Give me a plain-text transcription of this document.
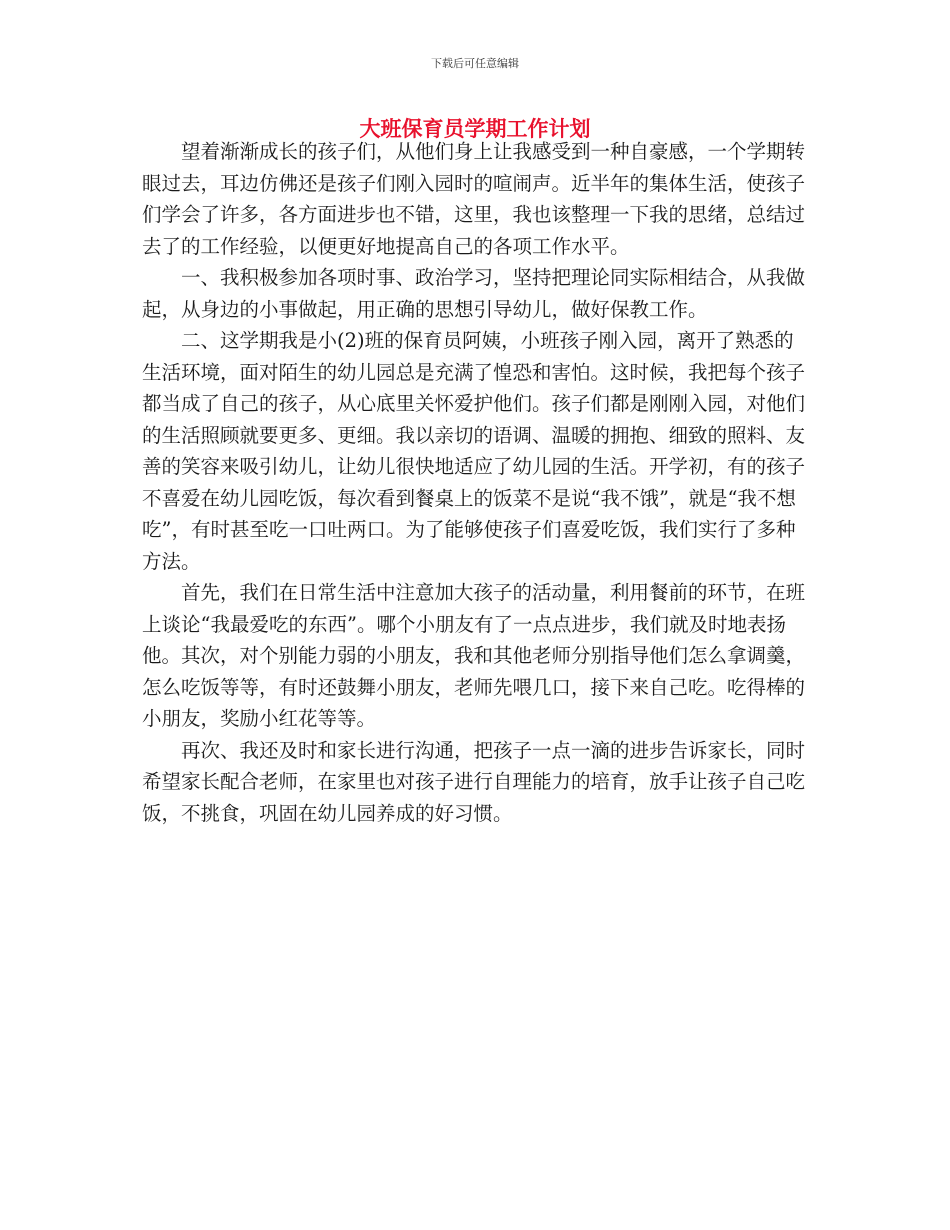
下载后可任意编辑
大班保育员学期工作计划

望着渐渐成长的孩子们，从他们身上让我感受到一种自豪感，一个学期转眼过去，耳边仿佛还是孩子们刚入园时的喧闹声。近半年的集体生活，使孩子们学会了许多，各方面进步也不错，这里，我也该整理一下我的思绪，总结过去了的工作经验，以便更好地提高自己的各项工作水平。

一、我积极参加各项时事、政治学习，坚持把理论同实际相结合，从我做起，从身边的小事做起，用正确的思想引导幼儿，做好保教工作。

二、这学期我是小(2)班的保育员阿姨，小班孩子刚入园，离开了熟悉的生活环境，面对陌生的幼儿园总是充满了惶恐和害怕。这时候，我把每个孩子都当成了自己的孩子，从心底里关怀爱护他们。孩子们都是刚刚入园，对他们的生活照顾就要更多、更细。我以亲切的语调、温暖的拥抱、细致的照料、友善的笑容来吸引幼儿，让幼儿很快地适应了幼儿园的生活。开学初，有的孩子不喜爱在幼儿园吃饭，每次看到餐桌上的饭菜不是说“我不饿”，就是“我不想吃”，有时甚至吃一口吐两口。为了能够使孩子们喜爱吃饭，我们实行了多种方法。

首先，我们在日常生活中注意加大孩子的活动量，利用餐前的环节，在班上谈论“我最爱吃的东西”。哪个小朋友有了一点点进步，我们就及时地表扬他。其次，对个别能力弱的小朋友，我和其他老师分别指导他们怎么拿调羹，怎么吃饭等等，有时还鼓舞小朋友，老师先喂几口，接下来自己吃。吃得棒的小朋友，奖励小红花等等。

再次、我还及时和家长进行沟通，把孩子一点一滴的进步告诉家长，同时希望家长配合老师，在家里也对孩子进行自理能力的培育，放手让孩子自己吃饭，不挑食，巩固在幼儿园养成的好习惯。
